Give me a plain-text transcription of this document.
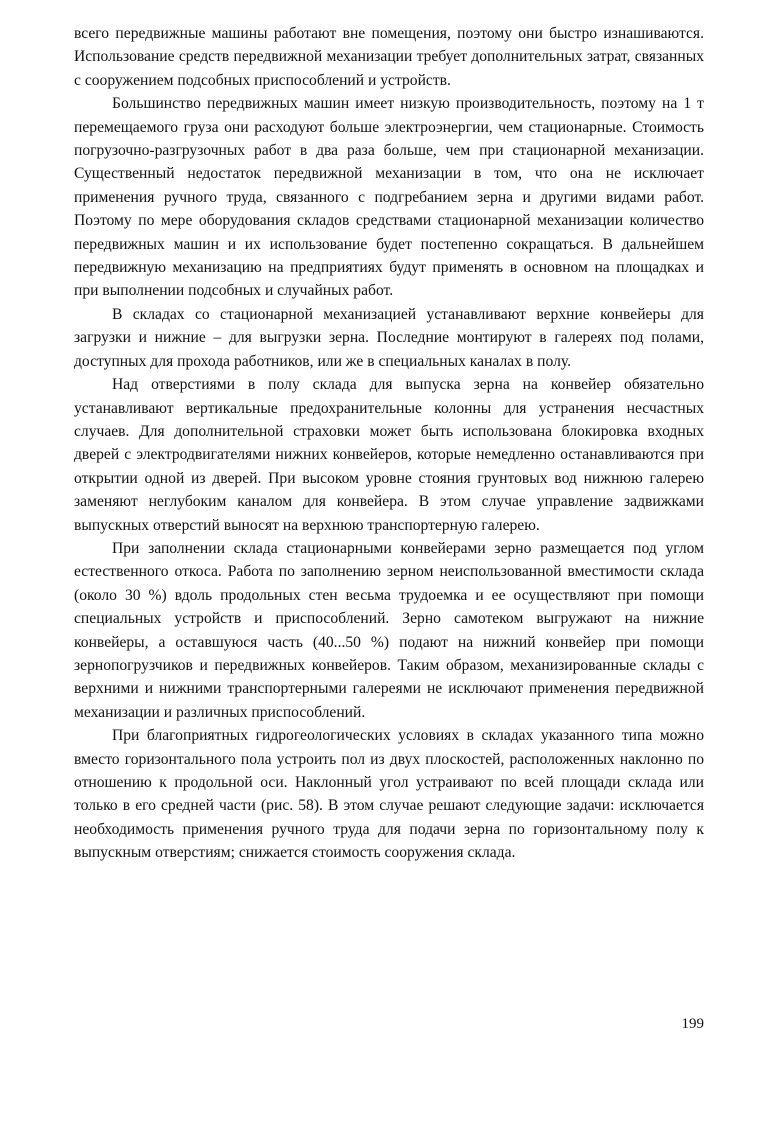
всего передвижные машины работают вне помещения, поэтому они быстро изнашиваются. Использование средств передвижной механизации требует дополнительных затрат, связанных с сооружением подсобных приспособлений и устройств.

Большинство передвижных машин имеет низкую производительность, поэтому на 1 т перемещаемого груза они расходуют больше электроэнергии, чем стационарные. Стоимость погрузочно-разгрузочных работ в два раза больше, чем при стационарной механизации. Существенный недостаток передвижной механизации в том, что она не исключает применения ручного труда, связанного с подгребанием зерна и другими видами работ. Поэтому по мере оборудования складов средствами стационарной механизации количество передвижных машин и их использование будет постепенно сокращаться. В дальнейшем передвижную механизацию на предприятиях будут применять в основном на площадках и при выполнении подсобных и случайных работ.

В складах со стационарной механизацией устанавливают верхние конвейеры для загрузки и нижние – для выгрузки зерна. Последние монтируют в галереях под полами, доступных для прохода работников, или же в специальных каналах в полу.

Над отверстиями в полу склада для выпуска зерна на конвейер обязательно устанавливают вертикальные предохранительные колонны для устранения несчастных случаев. Для дополнительной страховки может быть использована блокировка входных дверей с электродвигателями нижних конвейеров, которые немедленно останавливаются при открытии одной из дверей. При высоком уровне стояния грунтовых вод нижнюю галерею заменяют неглубоким каналом для конвейера. В этом случае управление задвижками выпускных отверстий выносят на верхнюю транспортерную галерею.

При заполнении склада стационарными конвейерами зерно размещается под углом естественного откоса. Работа по заполнению зерном неиспользованной вместимости склада (около 30 %) вдоль продольных стен весьма трудоемка и ее осуществляют при помощи специальных устройств и приспособлений. Зерно самотеком выгружают на нижние конвейеры, а оставшуюся часть (40...50 %) подают на нижний конвейер при помощи зернопогрузчиков и передвижных конвейеров. Таким образом, механизированные склады с верхними и нижними транспортерными галереями не исключают применения передвижной механизации и различных приспособлений.

При благоприятных гидрогеологических условиях в складах указанного типа можно вместо горизонтального пола устроить пол из двух плоскостей, расположенных наклонно по отношению к продольной оси. Наклонный угол устраивают по всей площади склада или только в его средней части (рис. 58). В этом случае решают следующие задачи: исключается необходимость применения ручного труда для подачи зерна по горизонтальному полу к выпускным отверстиям; снижается стоимость сооружения склада.

199
